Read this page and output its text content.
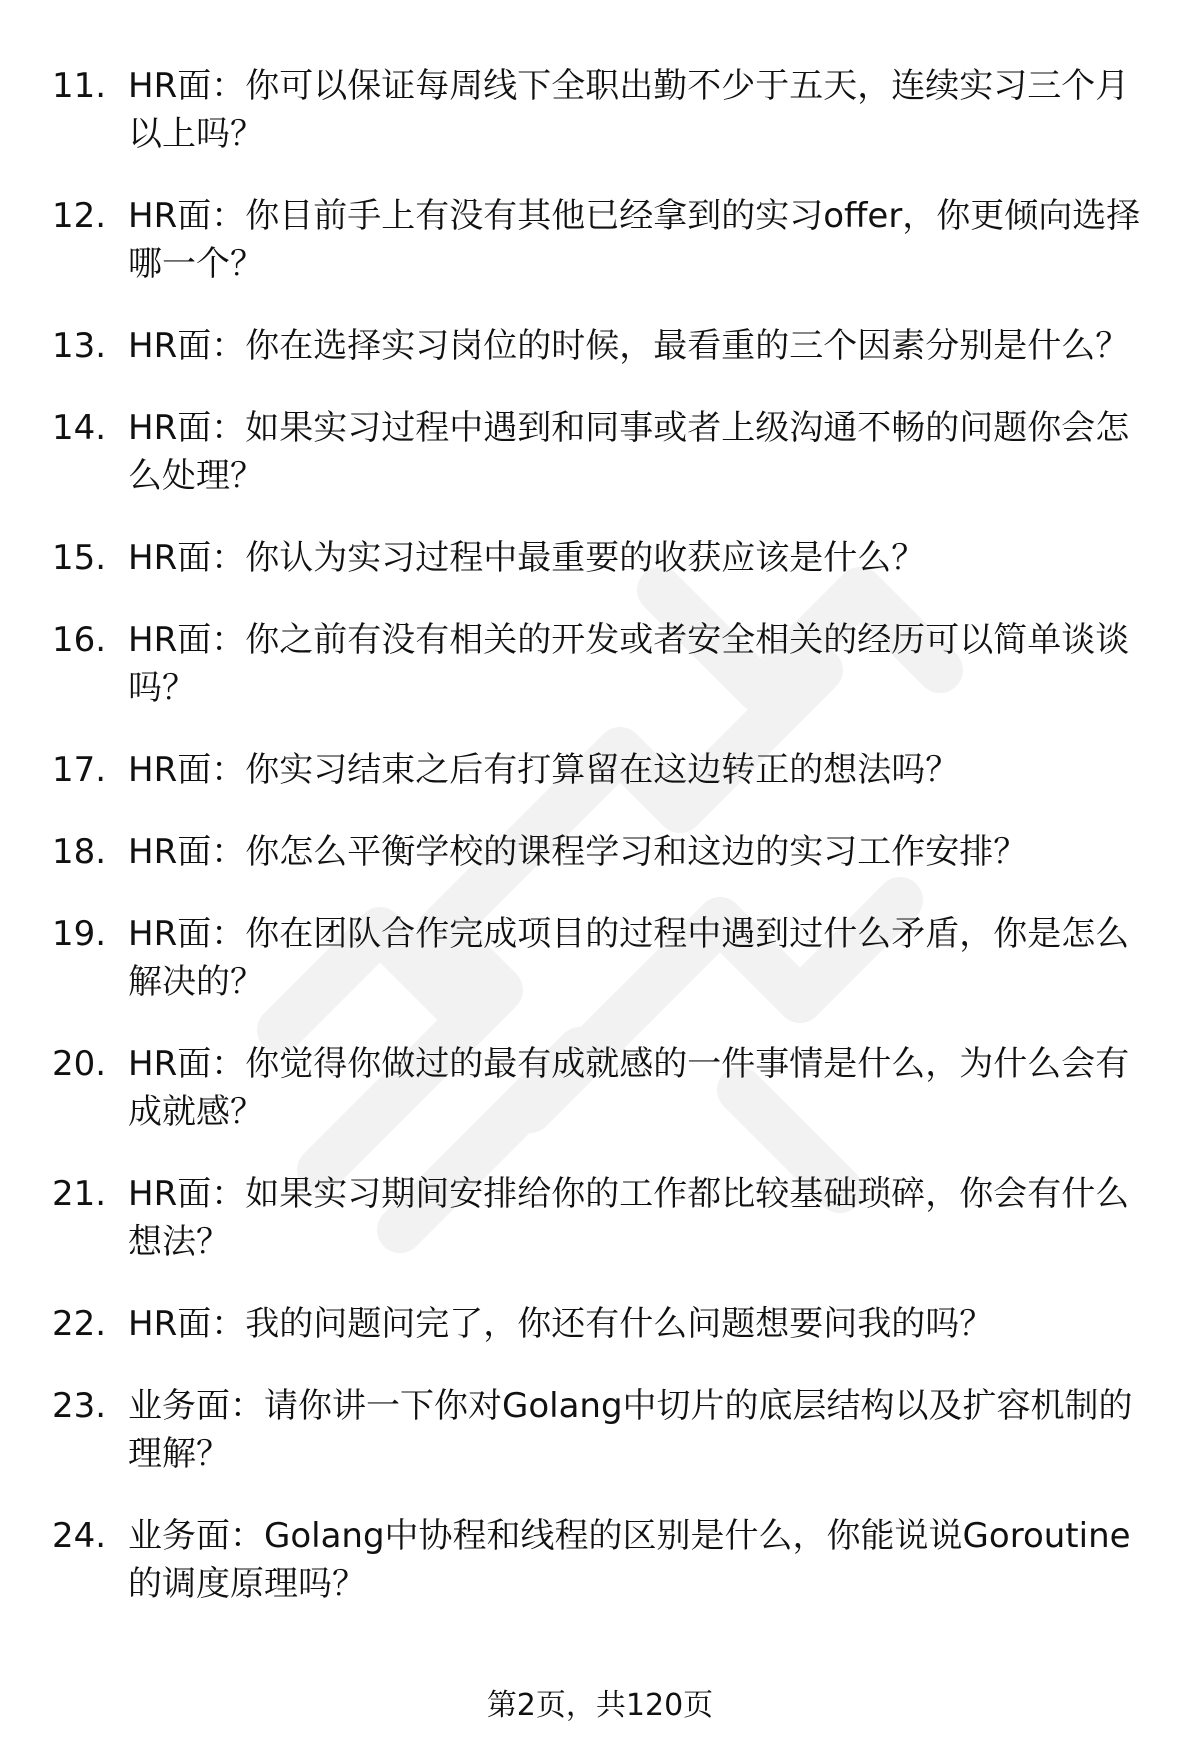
11. HR面：你可以保证每周线下全职出勤不少于五天，连续实习三个月以上吗？
12. HR面：你目前手上有没有其他已经拿到的实习offer，你更倾向选择哪一个？
13. HR面：你在选择实习岗位的时候，最看重的三个因素分别是什么？
14. HR面：如果实习过程中遇到和同事或者上级沟通不畅的问题你会怎么处理？
15. HR面：你认为实习过程中最重要的收获应该是什么？
16. HR面：你之前有没有相关的开发或者安全相关的经历可以简单谈谈吗？
17. HR面：你实习结束之后有打算留在这边转正的想法吗？
18. HR面：你怎么平衡学校的课程学习和这边的实习工作安排？
19. HR面：你在团队合作完成项目的过程中遇到过什么矛盾，你是怎么解决的？
20. HR面：你觉得你做过的最有成就感的一件事情是什么，为什么会有成就感？
21. HR面：如果实习期间安排给你的工作都比较基础琐碎，你会有什么想法？
22. HR面：我的问题问完了，你还有什么问题想要问我的吗？
23. 业务面：请你讲一下你对Golang中切片的底层结构以及扩容机制的理解？
24. 业务面：Golang中协程和线程的区别是什么，你能说说Goroutine的调度原理吗？
第2页，共120页
